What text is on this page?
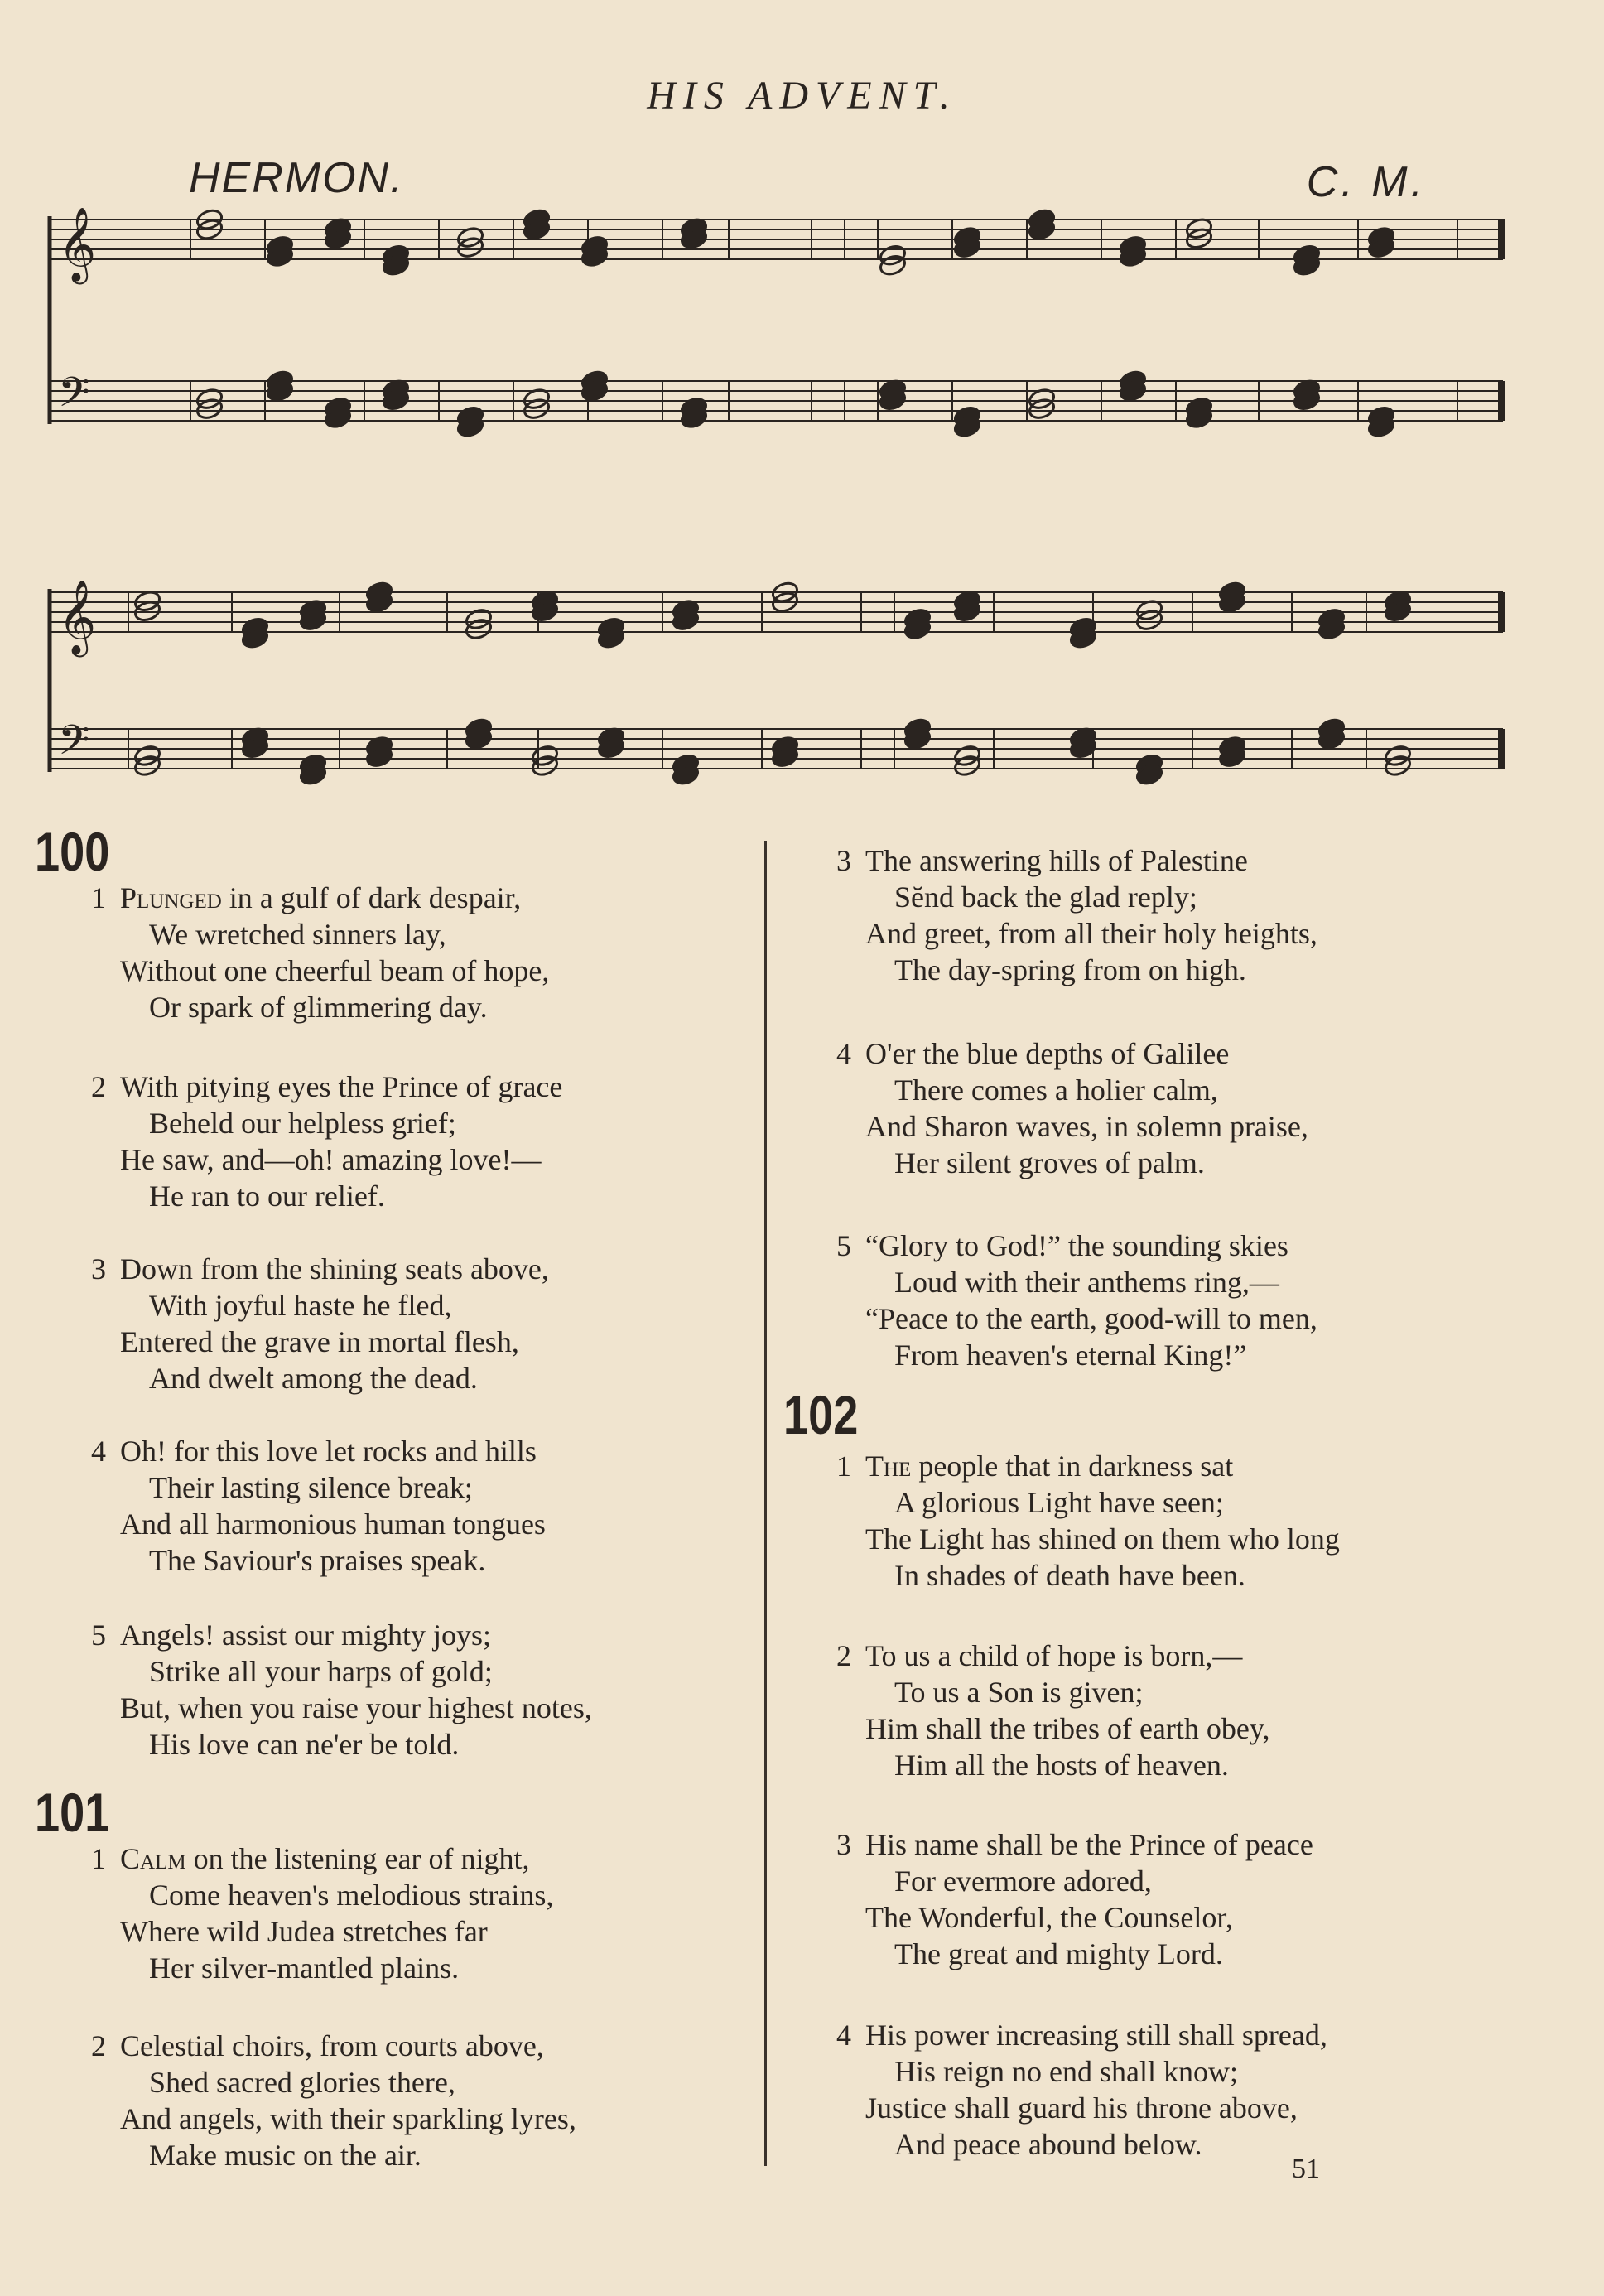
HIS ADVENT.
HERMON.	C. M.
𝄞
𝄢
𝄞
𝄢
100
1 Plunged in a gulf of dark despair,
We wretched sinners lay,
Without one cheerful beam of hope,
Or spark of glimmering day.
2 With pitying eyes the Prince of grace
Beheld our helpless grief;
He saw, and—oh! amazing love!—
He ran to our relief.
3 Down from the shining seats above,
With joyful haste he fled,
Entered the grave in mortal flesh,
And dwelt among the dead.
4 Oh! for this love let rocks and hills
Their lasting silence break;
And all harmonious human tongues
The Saviour's praises speak.
5 Angels! assist our mighty joys;
Strike all your harps of gold;
But, when you raise your highest notes,
His love can ne'er be told.
101
1 Calm on the listening ear of night,
Come heaven's melodious strains,
Where wild Judea stretches far
Her silver-mantled plains.
2 Celestial choirs, from courts above,
Shed sacred glories there,
And angels, with their sparkling lyres,
Make music on the air.
3 The answering hills of Palestine
Sĕnd back the glad reply;
And greet, from all their holy heights,
The day-spring from on high.
4 O'er the blue depths of Galilee
There comes a holier calm,
And Sharon waves, in solemn praise,
Her silent groves of palm.
5 “Glory to God!” the sounding skies
Loud with their anthems ring,—
“Peace to the earth, good-will to men,
From heaven's eternal King!”
102
1 The people that in darkness sat
A glorious Light have seen;
The Light has shined on them who long
In shades of death have been.
2 To us a child of hope is born,—
To us a Son is given;
Him shall the tribes of earth obey,
Him all the hosts of heaven.
3 His name shall be the Prince of peace
For evermore adored,
The Wonderful, the Counselor,
The great and mighty Lord.
4 His power increasing still shall spread,
His reign no end shall know;
Justice shall guard his throne above,
And peace abound below.
51
